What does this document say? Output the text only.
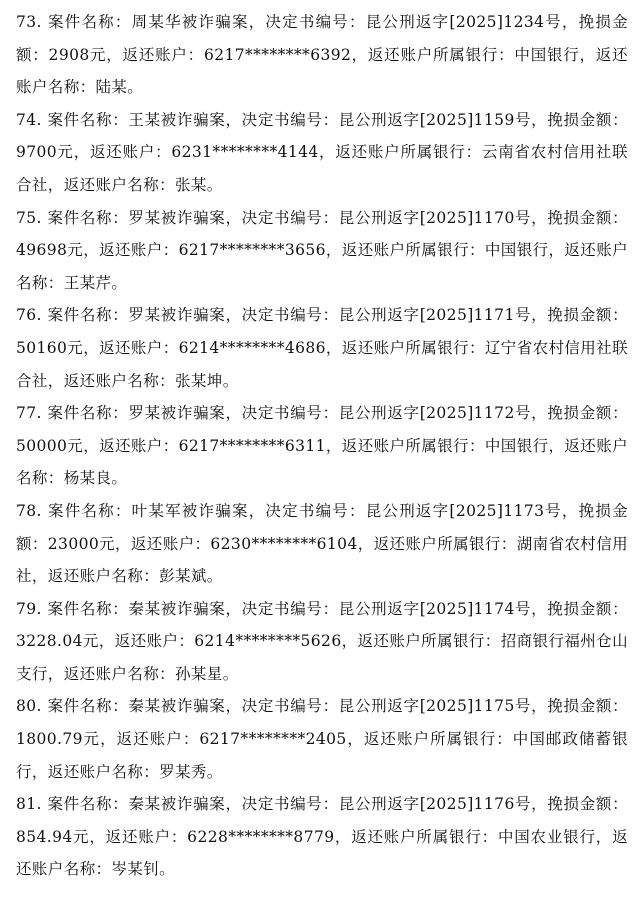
73. 案件名称：周某华被诈骗案，决定书编号：昆公刑返字[2025]1234号，挽损金额：2908元，返还账户：6217********6392，返还账户所属银行：中国银行，返还账户名称：陆某。

74. 案件名称：王某被诈骗案，决定书编号：昆公刑返字[2025]1159号，挽损金额：9700元，返还账户：6231********4144，返还账户所属银行：云南省农村信用社联合社，返还账户名称：张某。

75. 案件名称：罗某被诈骗案，决定书编号：昆公刑返字[2025]1170号，挽损金额：49698元，返还账户：6217********3656，返还账户所属银行：中国银行，返还账户名称：王某芹。

76. 案件名称：罗某被诈骗案，决定书编号：昆公刑返字[2025]1171号，挽损金额：50160元，返还账户：6214********4686，返还账户所属银行：辽宁省农村信用社联合社，返还账户名称：张某坤。

77. 案件名称：罗某被诈骗案，决定书编号：昆公刑返字[2025]1172号，挽损金额：50000元，返还账户：6217********6311，返还账户所属银行：中国银行，返还账户名称：杨某良。

78. 案件名称：叶某军被诈骗案，决定书编号：昆公刑返字[2025]1173号，挽损金额：23000元，返还账户：6230********6104，返还账户所属银行：湖南省农村信用社，返还账户名称：彭某斌。

79. 案件名称：秦某被诈骗案，决定书编号：昆公刑返字[2025]1174号，挽损金额：3228.04元，返还账户：6214********5626，返还账户所属银行：招商银行福州仓山支行，返还账户名称：孙某星。

80. 案件名称：秦某被诈骗案，决定书编号：昆公刑返字[2025]1175号，挽损金额：1800.79元，返还账户：6217********2405，返还账户所属银行：中国邮政储蓄银行，返还账户名称：罗某秀。

81. 案件名称：秦某被诈骗案，决定书编号：昆公刑返字[2025]1176号，挽损金额：854.94元，返还账户：6228********8779，返还账户所属银行：中国农业银行，返还账户名称：岑某钊。
